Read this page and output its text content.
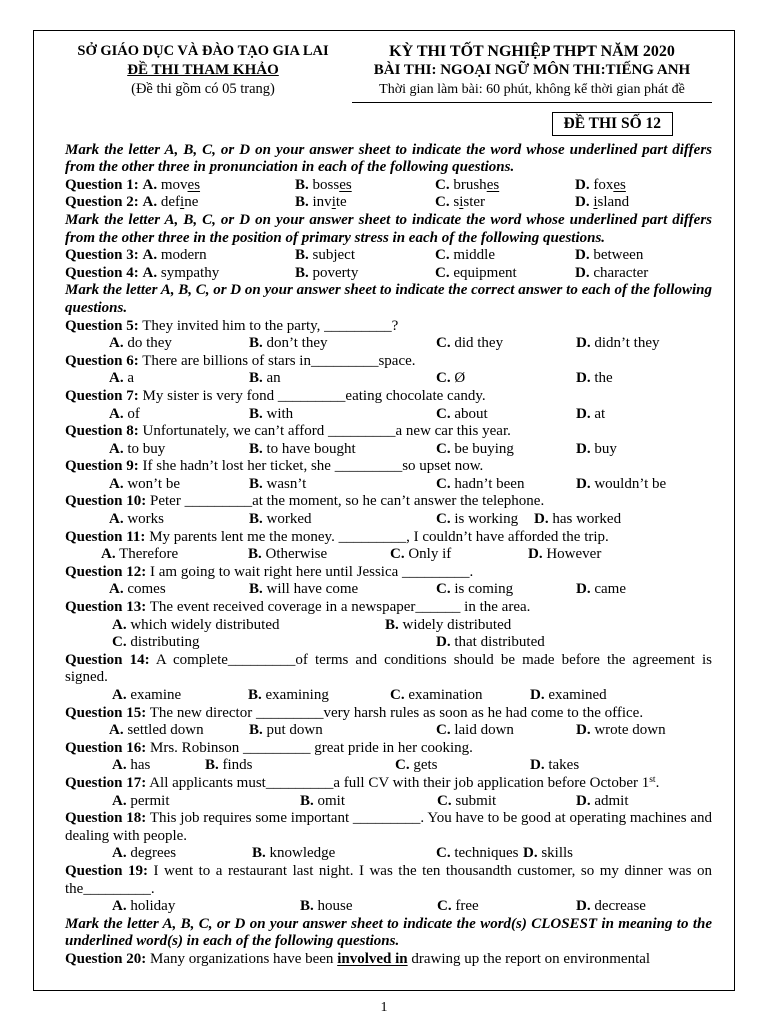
SỞ GIÁO DỤC VÀ ĐÀO TẠO GIA LAI
ĐỀ THI THAM KHẢO
(Đề thi gồm có 05 trang)
KỲ THI TỐT NGHIỆP THPT NĂM 2020
BÀI THI: NGOẠI NGỮ MÔN THI:TIẾNG ANH
Thời gian làm bài: 60 phút, không kể thời gian phát đề
ĐỀ THI SỐ 12
Mark the letter A, B, C, or D on your answer sheet to indicate the word whose underlined part differs from the other three in pronunciation in each of the following questions.
Question 1: A. moves	B. bosses	C. brushes	D. foxes
Question 2: A. define	B. invite	C. sister	D. island
Mark the letter A, B, C, or D on your answer sheet to indicate the word whose underlined part differs from the other three in the position of primary stress in each of the following questions.
Question 3: A. modern	B. subject	C. middle	D. between
Question 4: A. sympathy	B. poverty	C. equipment	D. character
Mark the letter A, B, C, or D on your answer sheet to indicate the correct answer to each of the following questions.
Question 5: They invited him to the party, _________?
A. do they	B. don’t they	C. did they	D. didn’t they
Question 6: There are billions of stars in_________space.
A. a	B. an	C. Ø	D. the
Question 7: My sister is very fond _________eating chocolate candy.
A. of	B. with	C. about	D. at
Question 8: Unfortunately, we can’t afford _________a new car this year.
A. to buy	B. to have bought	C. be buying	D. buy
Question 9: If she hadn’t lost her ticket, she _________so upset now.
A. won’t be	B. wasn’t	C. hadn’t been	D. wouldn’t be
Question 10: Peter _________at the moment, so he can’t answer the telephone.
A. works	B. worked	C. is working	D. has worked
Question 11: My parents lent me the money. _________, I couldn’t have afforded the trip.
A. Therefore	B. Otherwise	C. Only if	D. However
Question 12: I am going to wait right here until Jessica _________.
A. comes	B. will have come	C. is coming	D. came
Question 13: The event received coverage in a newspaper______ in the area.
A. which widely distributed	B. widely distributed
C. distributing	D. that distributed
Question 14: A complete_________of terms and conditions should be made before the agreement is signed.
A. examine	B. examining	C. examination	D. examined
Question 15: The new director _________very harsh rules as soon as he had come to the office.
A. settled down	B. put down	C. laid down	D. wrote down
Question 16: Mrs. Robinson _________ great pride in her cooking.
A. has	B. finds	C. gets	D. takes
Question 17: All applicants must_________a full CV with their job application before October 1st.
A. permit	B. omit	C. submit	D. admit
Question 18: This job requires some important _________. You have to be good at operating machines and dealing with people.
A. degrees	B. knowledge	C. techniques D. skills
Question 19: I went to a restaurant last night. I was the ten thousandth customer, so my dinner was on the_________.
A. holiday	B. house	C. free	D. decrease
Mark the letter A, B, C, or D on your answer sheet to indicate the word(s) CLOSEST in meaning to the underlined word(s) in each of the following questions.
Question 20: Many organizations have been involved in drawing up the report on environmental
1
